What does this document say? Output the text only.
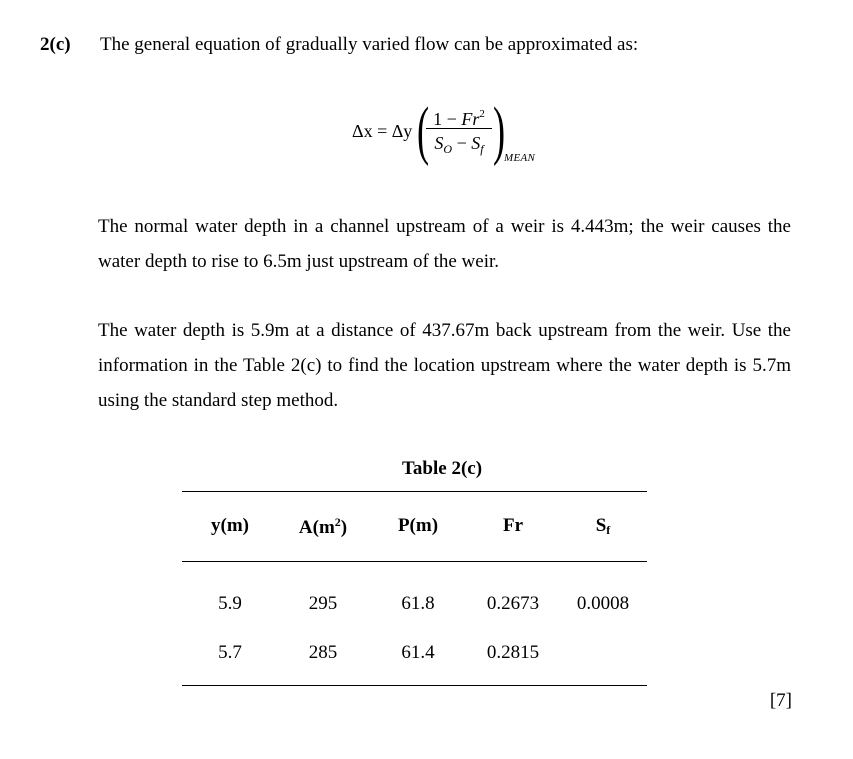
2(c) The general equation of gradually varied flow can be approximated as:
Δx = Δy ( $1 - Fr^2$
$S_O - S_f$ )
MEAN
The normal water depth in a channel upstream of a weir is 4.443m; the weir causes the water depth to rise to 6.5m just upstream of the weir.
The water depth is 5.9m at a distance of 437.67m back upstream from the weir. Use the information in the Table 2(c) to find the location upstream where the water depth is 5.7m using the standard step method.
Table 2(c)
y(m)	$A(m^2)$	P(m)	Fr	$S_f$
5.9	295	61.8	0.2673	0.0008
5.7	285	61.4	0.2815
[7]
